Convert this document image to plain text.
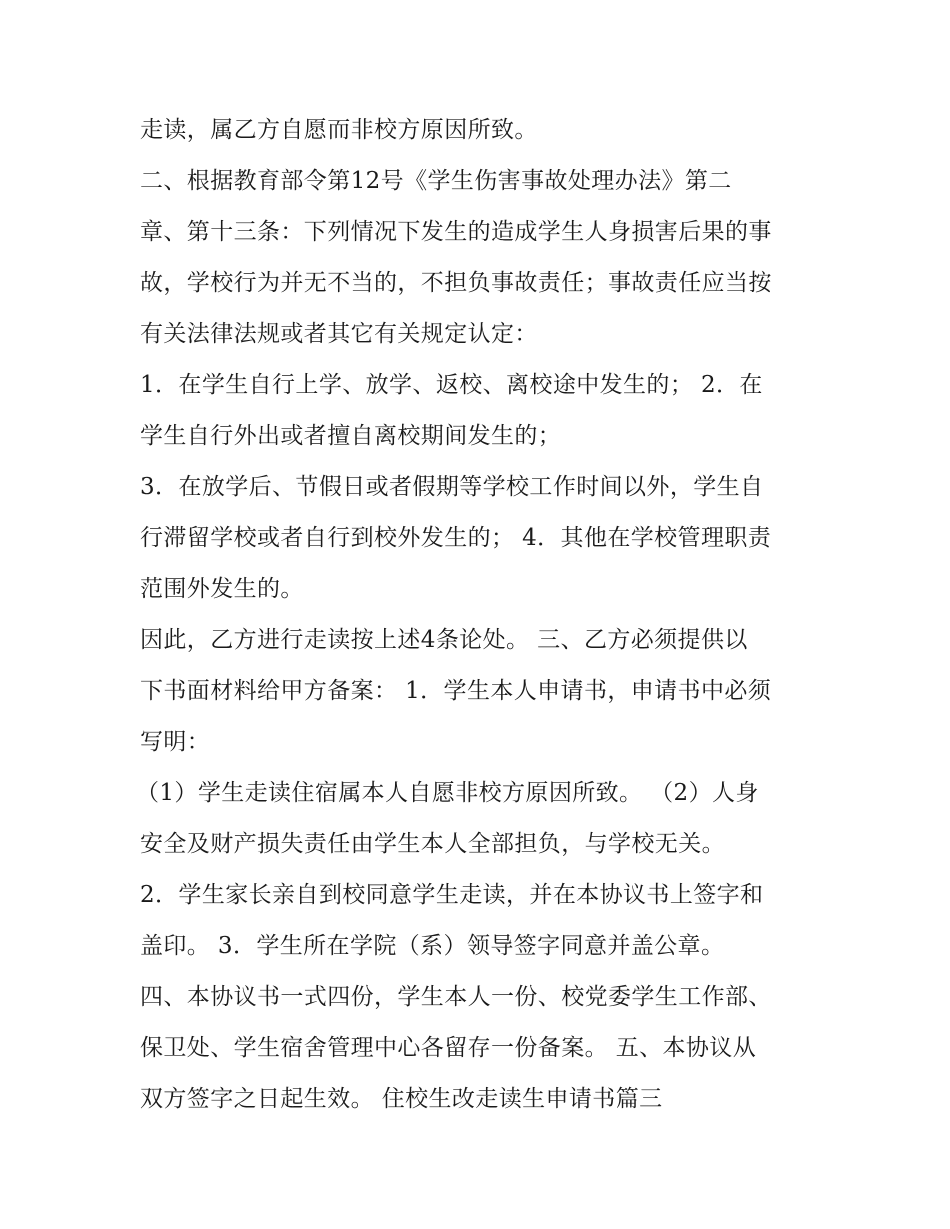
走读，属乙方自愿而非校方原因所致。
二、根据教育部令第12号《学生伤害事故处理办法》第二
章、第十三条：下列情况下发生的造成学生人身损害后果的事
故，学校行为并无不当的，不担负事故责任；事故责任应当按
有关法律法规或者其它有关规定认定：
1．在学生自行上学、放学、返校、离校途中发生的； 2．在
学生自行外出或者擅自离校期间发生的；
3．在放学后、节假日或者假期等学校工作时间以外，学生自
行滞留学校或者自行到校外发生的； 4．其他在学校管理职责
范围外发生的。
因此，乙方进行走读按上述4条论处。 三、乙方必须提供以
下书面材料给甲方备案： 1．学生本人申请书，申请书中必须
写明：
（1）学生走读住宿属本人自愿非校方原因所致。 （2）人身
安全及财产损失责任由学生本人全部担负，与学校无关。
2．学生家长亲自到校同意学生走读，并在本协议书上签字和
盖印。 3．学生所在学院（系）领导签字同意并盖公章。
四、本协议书一式四份，学生本人一份、校党委学生工作部、
保卫处、学生宿舍管理中心各留存一份备案。 五、本协议从
双方签字之日起生效。 住校生改走读生申请书篇三
